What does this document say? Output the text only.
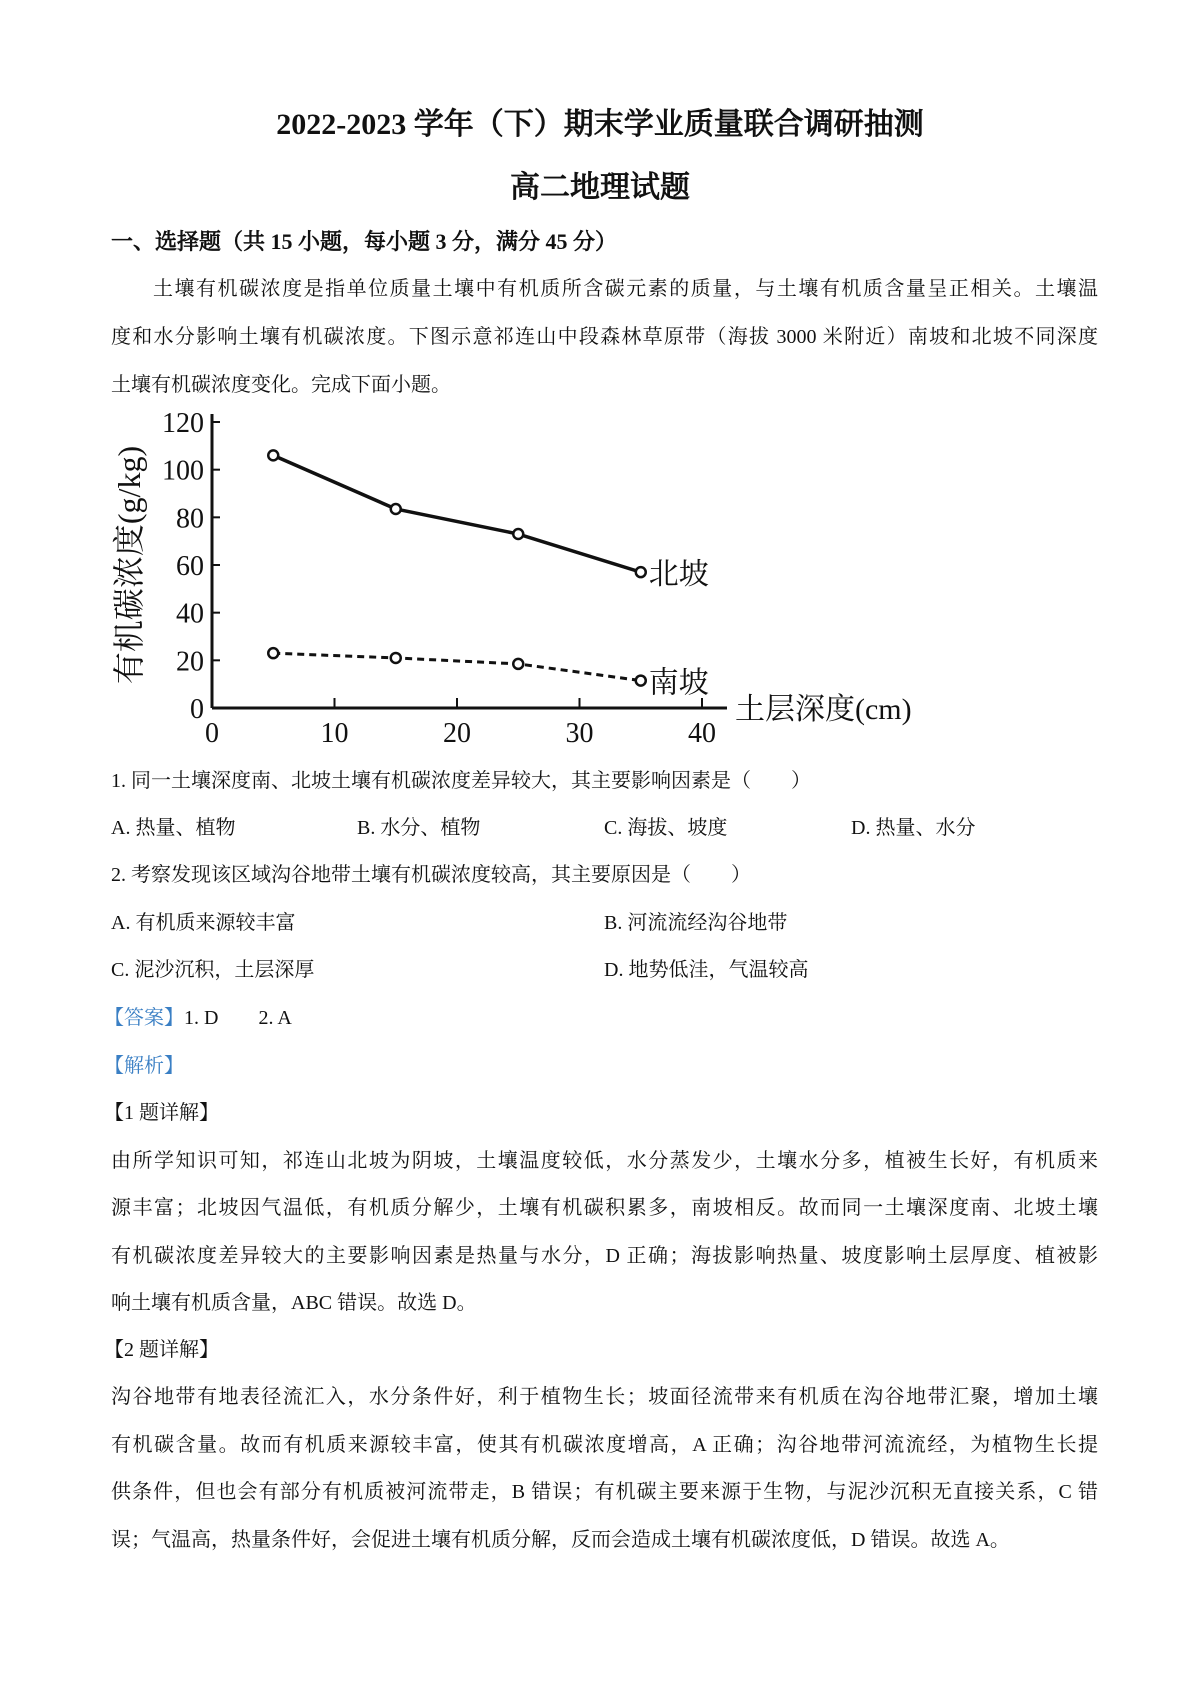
2022-2023 学年（下）期末学业质量联合调研抽测
高二地理试题
一、选择题（共 15 小题，每小题 3 分，满分 45 分）
土壤有机碳浓度是指单位质量土壤中有机质所含碳元素的质量，与土壤有机质含量呈正相关。土壤温
度和水分影响土壤有机碳浓度。下图示意祁连山中段森林草原带（海拔 3000 米附近）南坡和北坡不同深度
土壤有机碳浓度变化。完成下面小题。
0
20
40
60
80
100
120
0	10	20	30	40
土层深度(cm)
有机碳浓度(g/kg)	北坡
南坡
1. 同一土壤深度南、北坡土壤有机碳浓度差异较大，其主要影响因素是（　　）
A. 热量、植物	B. 水分、植物	C. 海拔、坡度	D. 热量、水分
2. 考察发现该区域沟谷地带土壤有机碳浓度较高，其主要原因是（　　）
A. 有机质来源较丰富	B. 河流流经沟谷地带
C. 泥沙沉积，土层深厚	D. 地势低洼，气温较高
【答案】1. D 2. A
【解析】
【1 题详解】
由所学知识可知，祁连山北坡为阴坡，土壤温度较低，水分蒸发少，土壤水分多，植被生长好，有机质来
源丰富；北坡因气温低，有机质分解少，土壤有机碳积累多，南坡相反。故而同一土壤深度南、北坡土壤
有机碳浓度差异较大的主要影响因素是热量与水分，D 正确；海拔影响热量、坡度影响土层厚度、植被影
响土壤有机质含量，ABC 错误。故选 D。
【2 题详解】
沟谷地带有地表径流汇入，水分条件好，利于植物生长；坡面径流带来有机质在沟谷地带汇聚，增加土壤
有机碳含量。故而有机质来源较丰富，使其有机碳浓度增高，A 正确；沟谷地带河流流经，为植物生长提
供条件，但也会有部分有机质被河流带走，B 错误；有机碳主要来源于生物，与泥沙沉积无直接关系，C 错
误；气温高，热量条件好，会促进土壤有机质分解，反而会造成土壤有机碳浓度低，D 错误。故选 A。
